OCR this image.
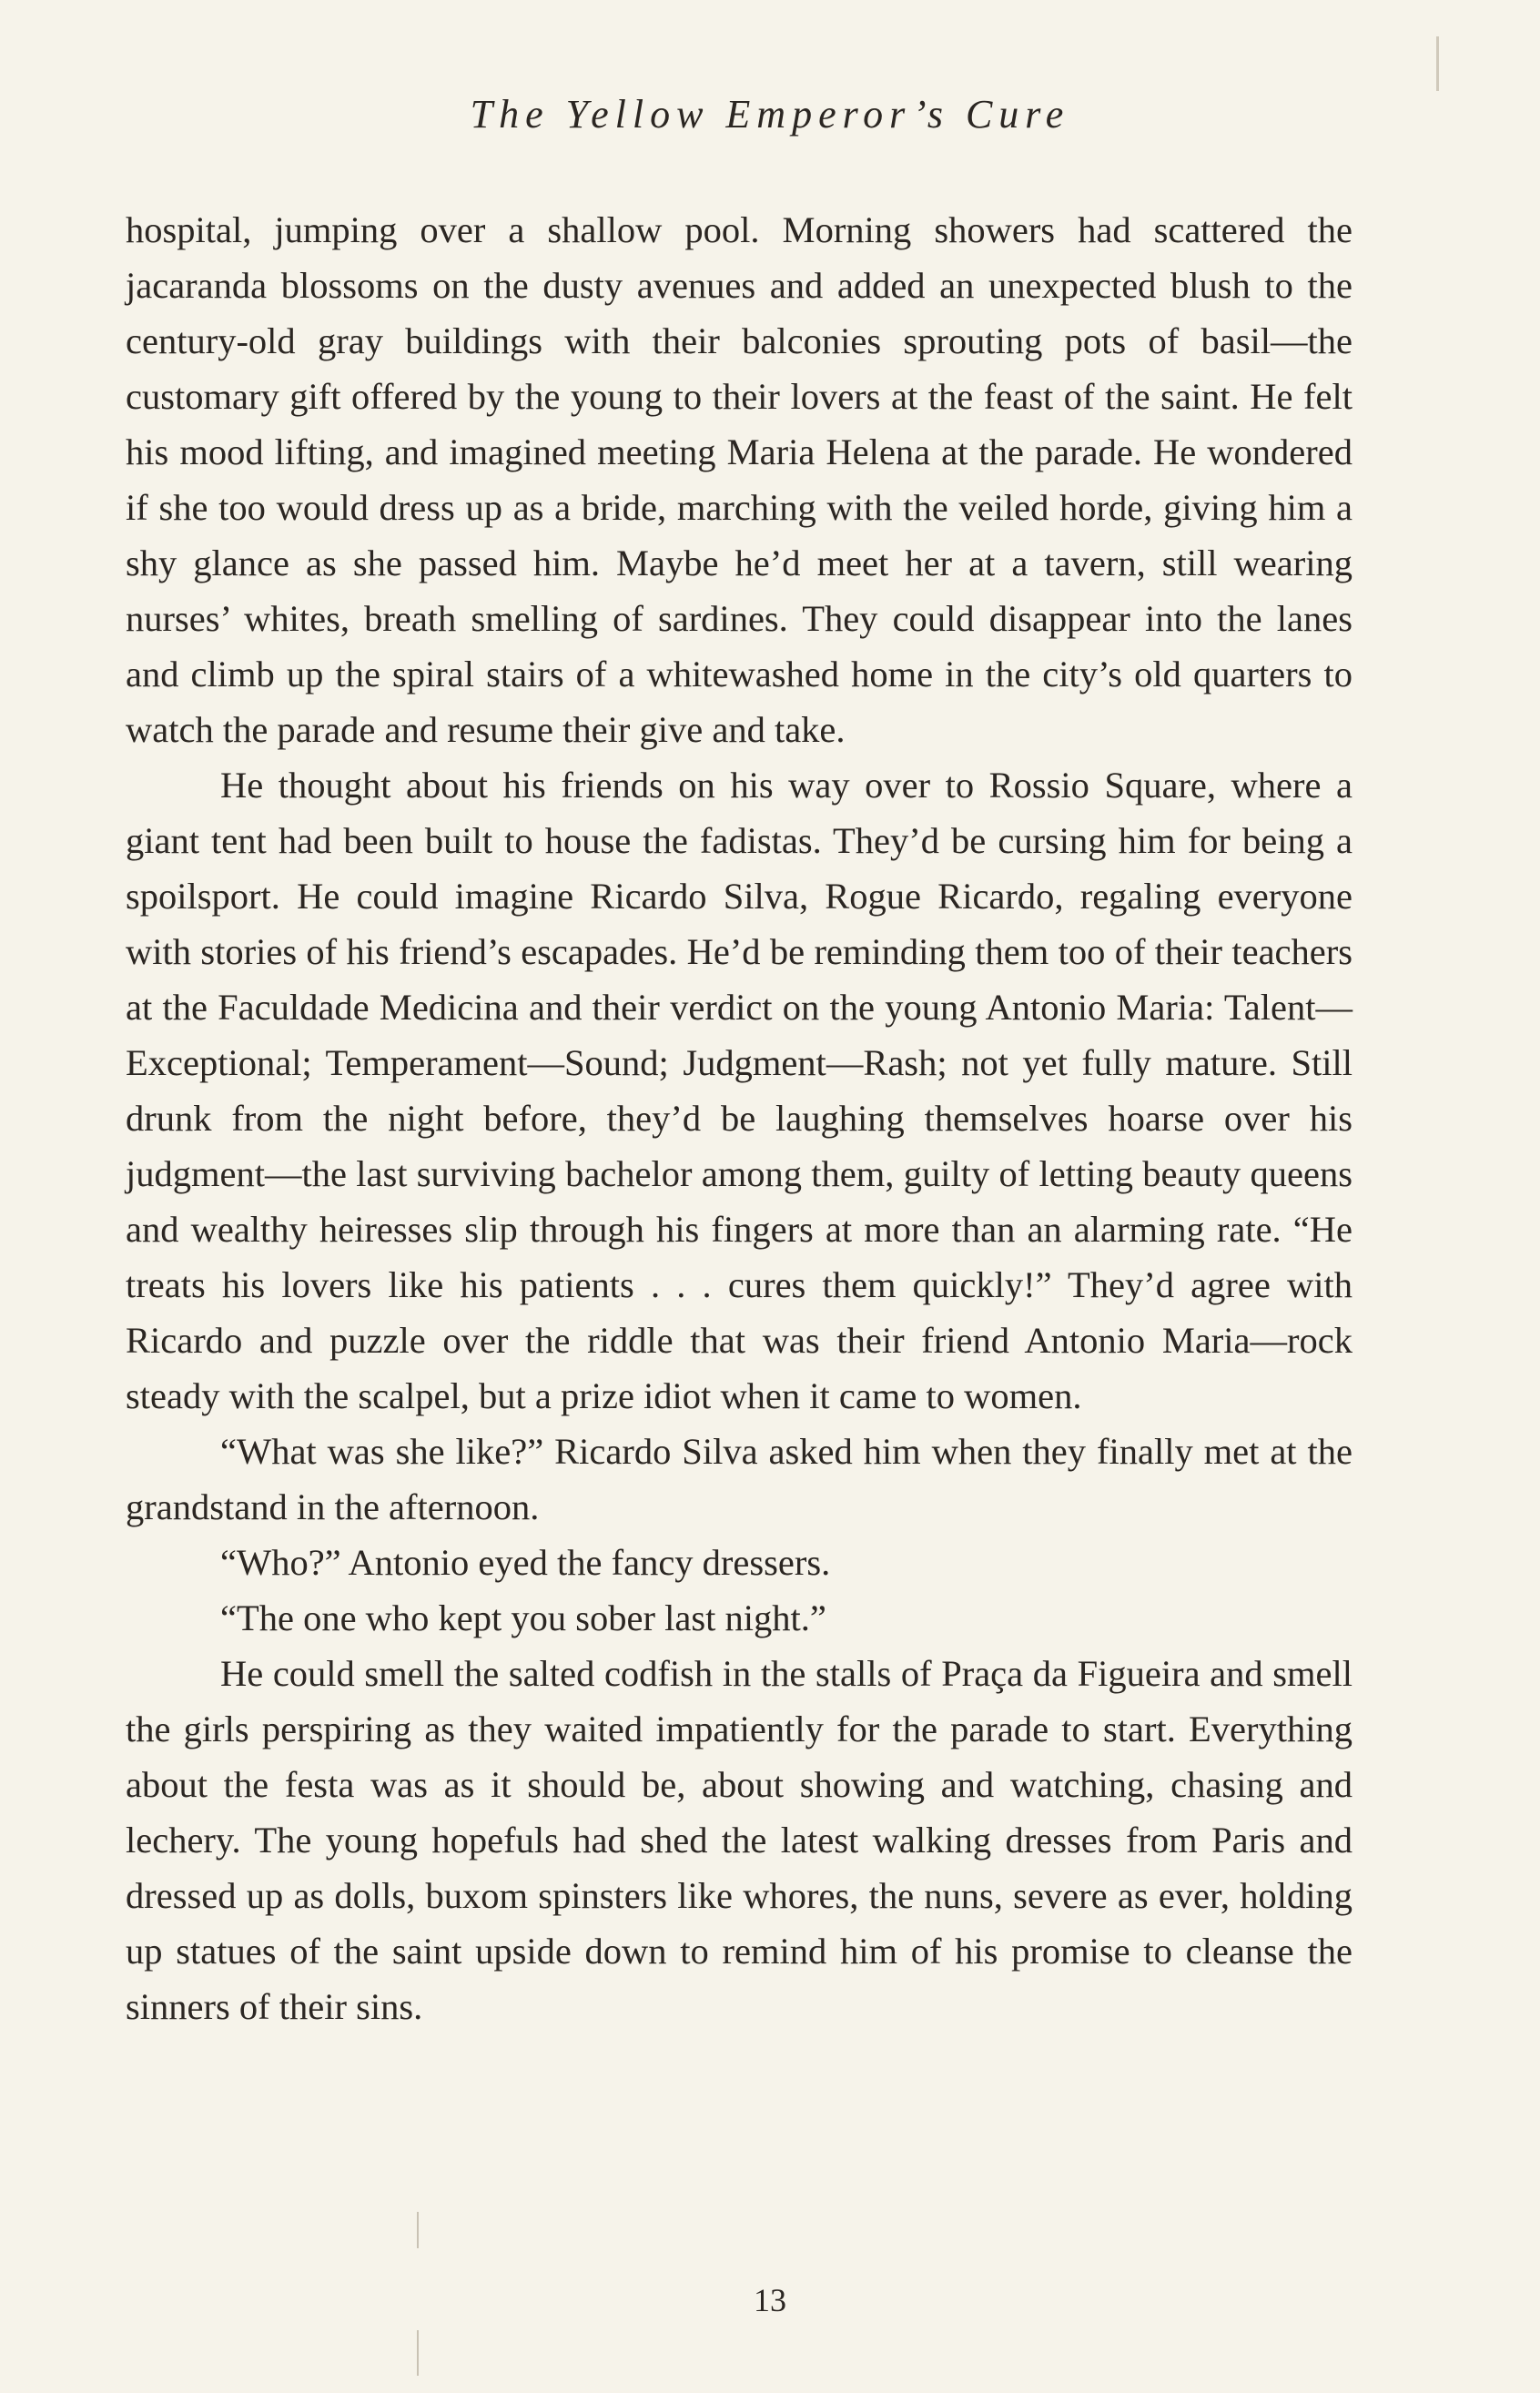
The Yellow Emperor’s Cure

hospital, jumping over a shallow pool. Morning showers had scattered the jacaranda blossoms on the dusty avenues and added an unexpected blush to the century-old gray buildings with their balconies sprouting pots of basil—the customary gift offered by the young to their lovers at the feast of the saint. He felt his mood lifting, and imagined meeting Maria Helena at the parade. He wondered if she too would dress up as a bride, marching with the veiled horde, giving him a shy glance as she passed him. Maybe he’d meet her at a tavern, still wearing nurses’ whites, breath smelling of sardines. They could disappear into the lanes and climb up the spiral stairs of a whitewashed home in the city’s old quarters to watch the parade and resume their give and take.

He thought about his friends on his way over to Rossio Square, where a giant tent had been built to house the fadistas. They’d be cursing him for being a spoilsport. He could imagine Ricardo Silva, Rogue Ricardo, regaling everyone with stories of his friend’s escapades. He’d be reminding them too of their teachers at the Faculdade Medicina and their verdict on the young Antonio Maria: Talent—Exceptional; Temperament—Sound; Judgment—Rash; not yet fully mature. Still drunk from the night before, they’d be laughing themselves hoarse over his judgment—the last surviving bachelor among them, guilty of letting beauty queens and wealthy heiresses slip through his fingers at more than an alarming rate. “He treats his lovers like his patients . . . cures them quickly!” They’d agree with Ricardo and puzzle over the riddle that was their friend Antonio Maria—rock steady with the scalpel, but a prize idiot when it came to women.

“What was she like?” Ricardo Silva asked him when they finally met at the grandstand in the afternoon.

“Who?” Antonio eyed the fancy dressers.

“The one who kept you sober last night.”

He could smell the salted codfish in the stalls of Praça da Figueira and smell the girls perspiring as they waited impatiently for the parade to start. Everything about the festa was as it should be, about showing and watching, chasing and lechery. The young hopefuls had shed the latest walking dresses from Paris and dressed up as dolls, buxom spinsters like whores, the nuns, severe as ever, holding up statues of the saint upside down to remind him of his promise to cleanse the sinners of their sins.

13
